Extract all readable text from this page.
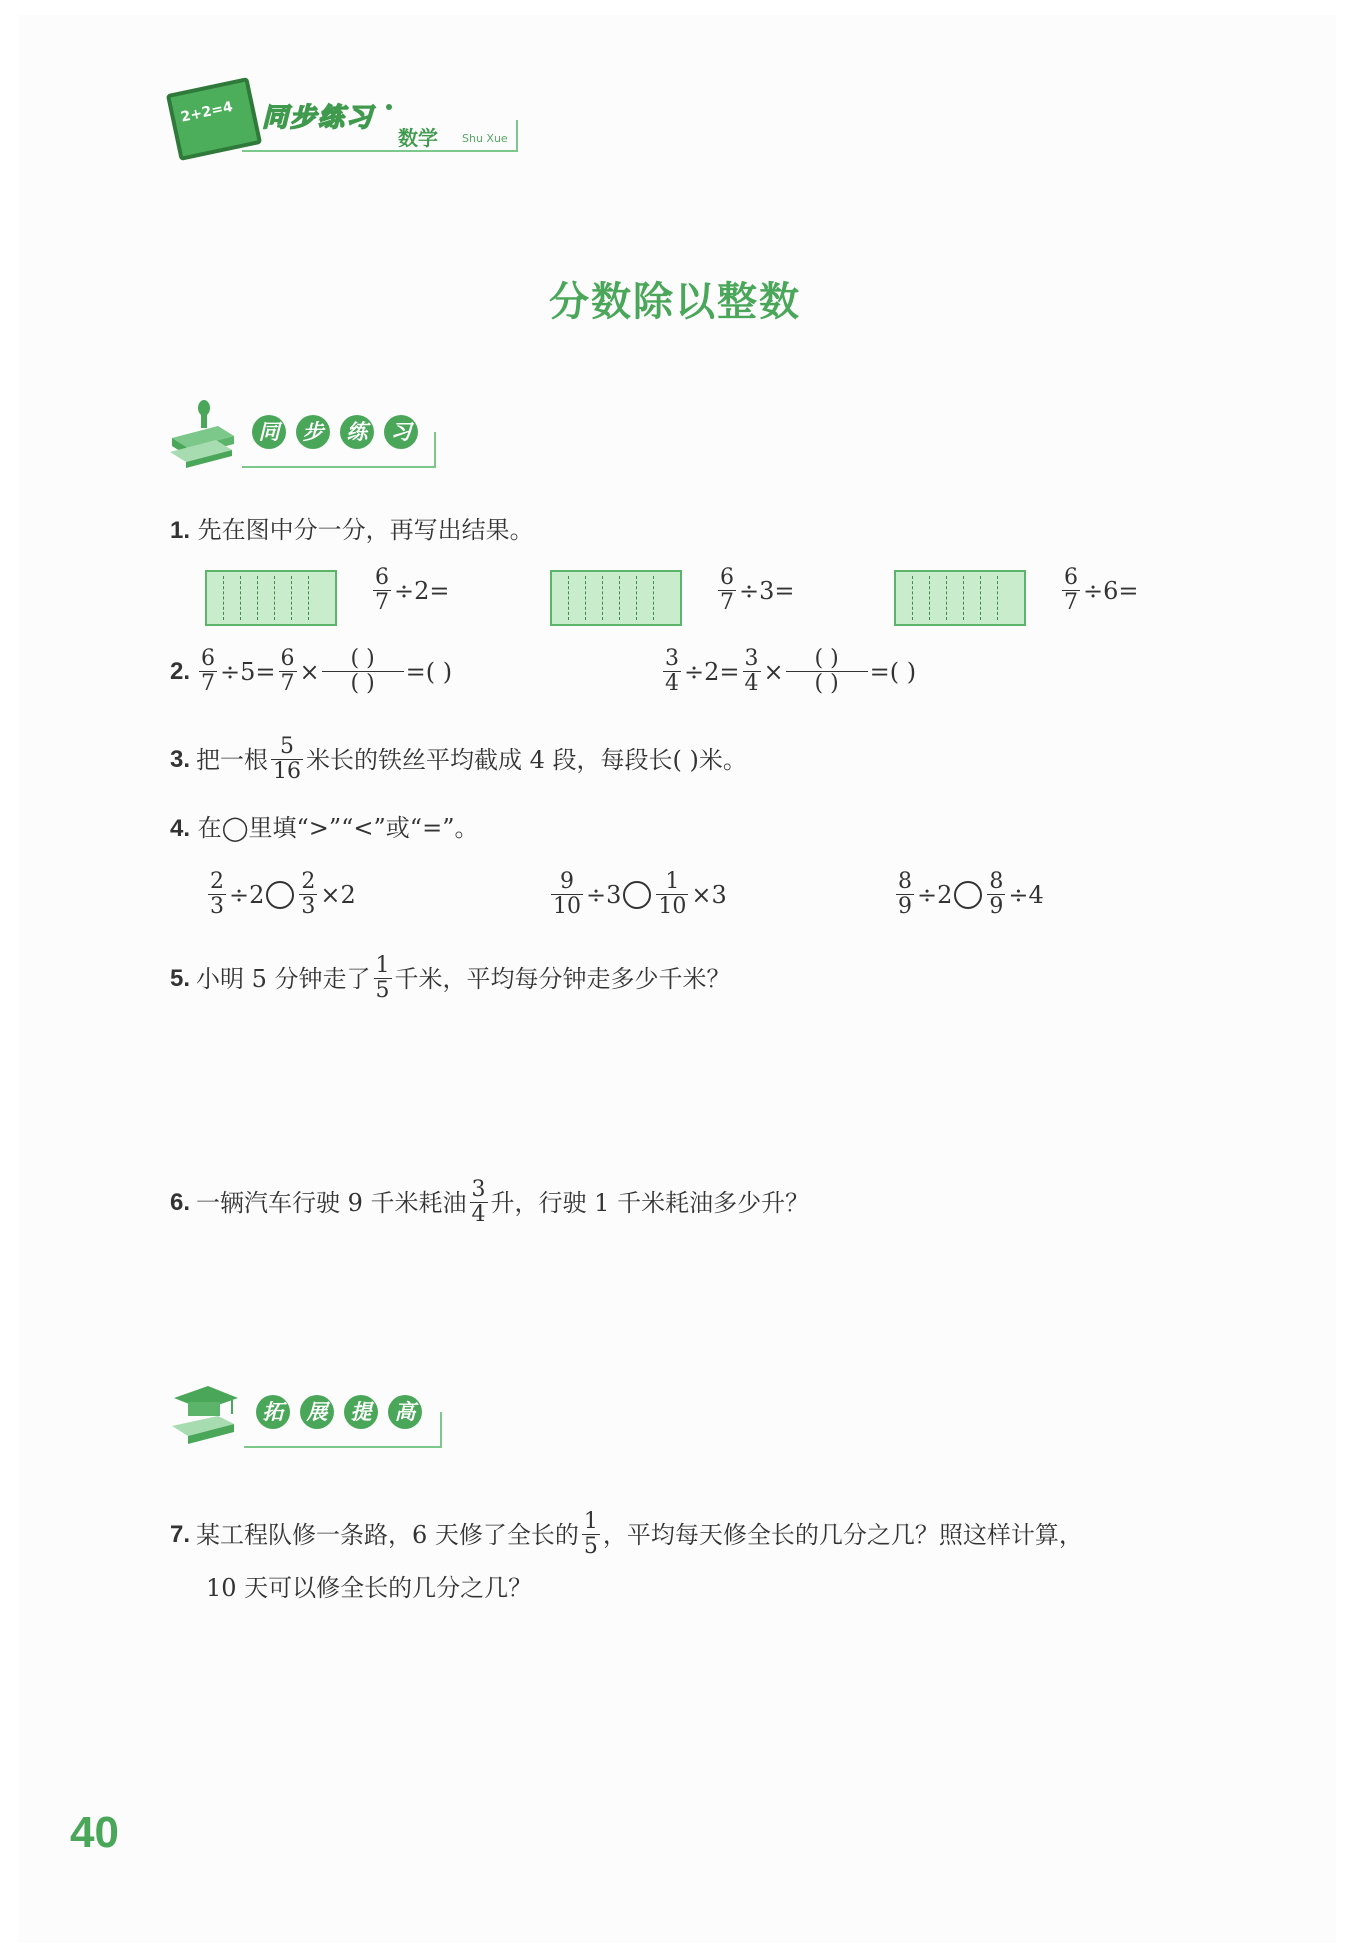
2+2=4 同步练习
数学 Shu Xue
分数除以整数
同	步	练	习
1. 先在图中分一分，再写出结果。
$\frac{6}{7} \div 2=$	$\frac{6}{7} \div 3=$	$\frac{6}{7} \div 6=$
2. $\frac{6}{7} \div 5= \frac{6}{7}$ ×	( )
( ) =( )	$\frac{3}{4} \div 2= \frac{3}{4}$ ×	( )
( ) =( )
3. 把一根 $\frac{5}{16}$ 米长的铁丝平均截成 4 段，每段长( )米。
4. 在◯里填“>”“<”或“=”。
$\frac{2}{3} \div 2 \frac{2}{3} \times 2$	$\frac{9}{10} \div 3 \frac{1}{10} \times 3$	$\frac{8}{9} \div 2 \frac{8}{9} \div 4$
5. 小明 5 分钟走了 $\frac{1}{5}$ 千米，平均每分钟走多少千米？
6. 一辆汽车行驶 9 千米耗油 $\frac{3}{4}$ 升，行驶 1 千米耗油多少升？
拓	展	提	高
7. 某工程队修一条路，6 天修了全长的 $\frac{1}{5}$ ，平均每天修全长的几分之几？照这样计算，
10 天可以修全长的几分之几？
40
